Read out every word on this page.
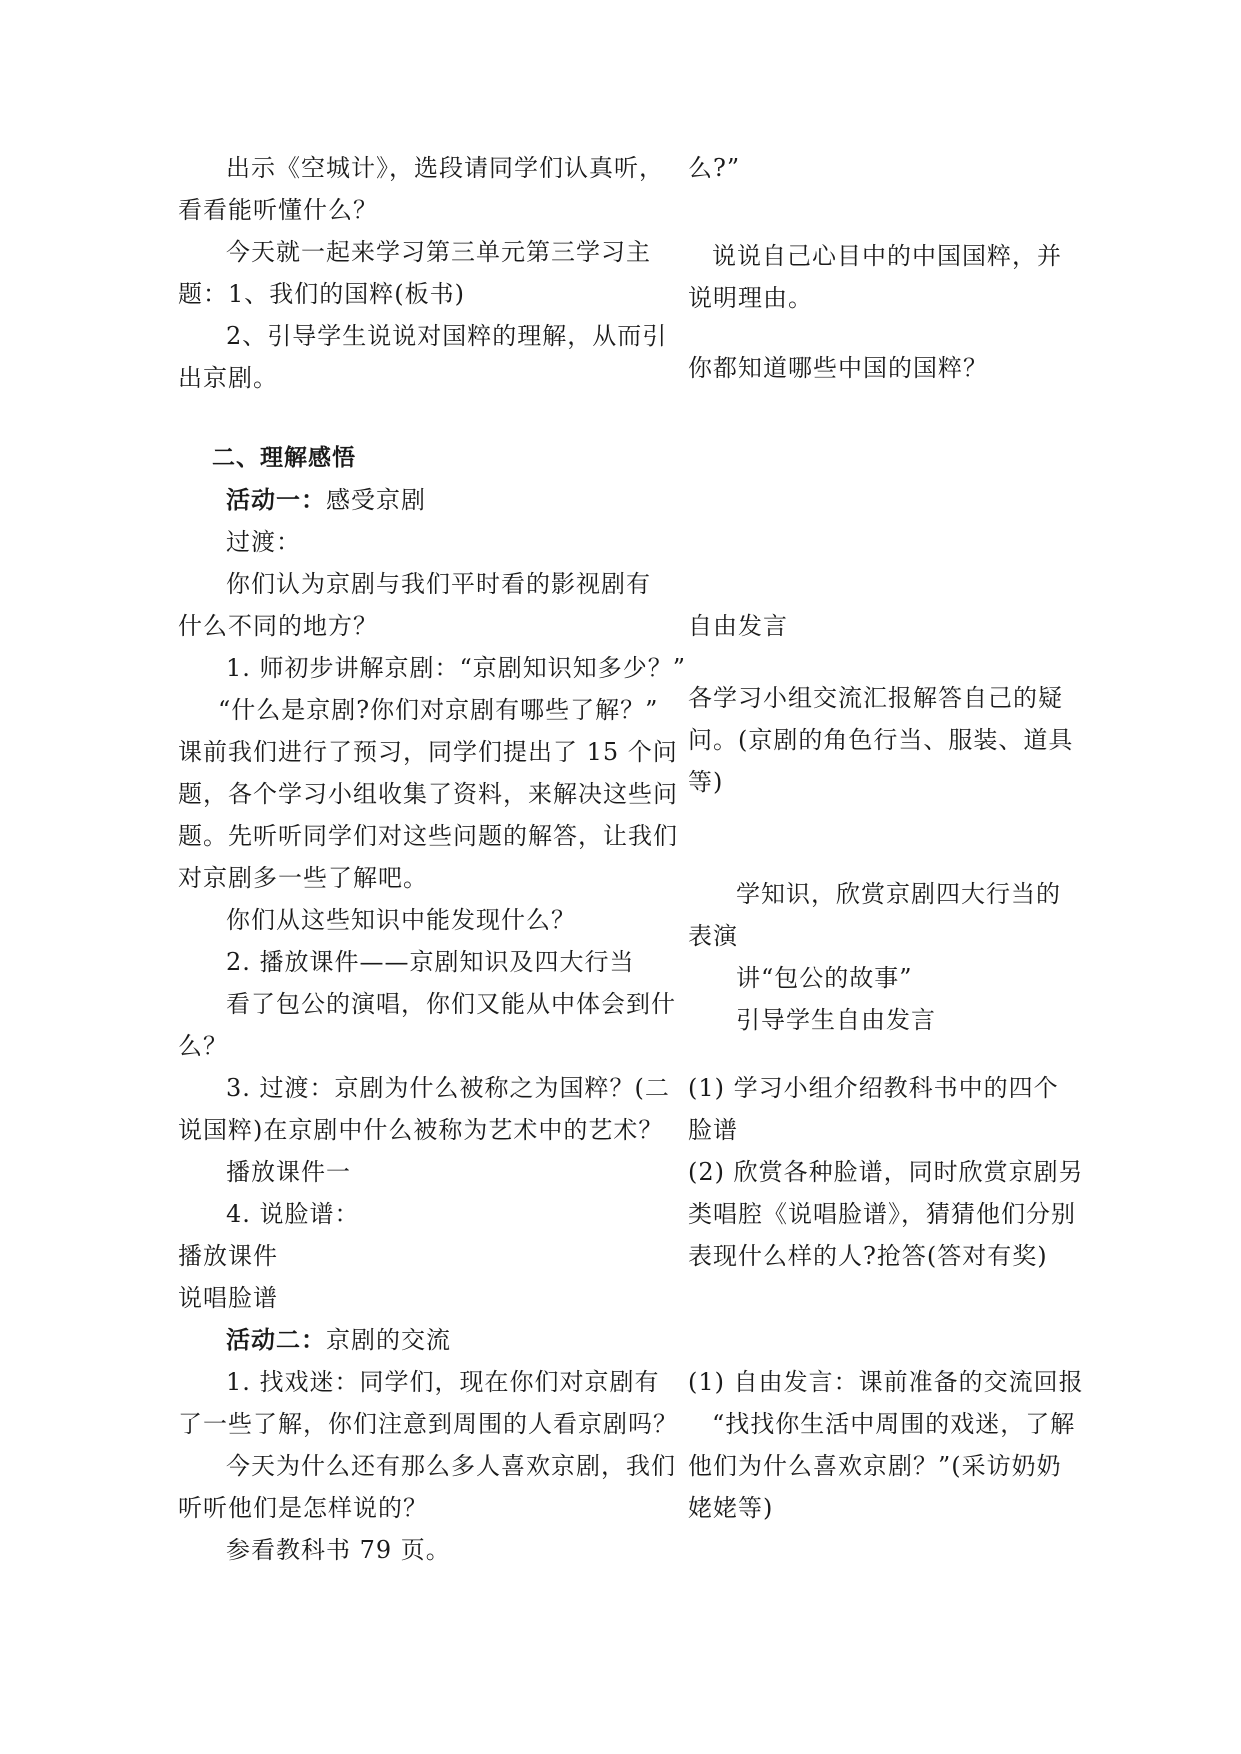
出示《空城计》，选段请同学们认真听，
看看能听懂什么？
今天就一起来学习第三单元第三学习主
题：1、我们的国粹(板书)
2、引导学生说说对国粹的理解，从而引
出京剧。
二、理解感悟
活动一：感受京剧
过渡：
你们认为京剧与我们平时看的影视剧有
什么不同的地方？
1. 师初步讲解京剧：“京剧知识知多少？”
“什么是京剧?你们对京剧有哪些了解？”
课前我们进行了预习，同学们提出了 15 个问
题，各个学习小组收集了资料，来解决这些问
题。先听听同学们对这些问题的解答，让我们
对京剧多一些了解吧。
你们从这些知识中能发现什么？
2. 播放课件——京剧知识及四大行当
看了包公的演唱，你们又能从中体会到什
么？
3. 过渡：京剧为什么被称之为国粹？(二
说国粹)在京剧中什么被称为艺术中的艺术？
播放课件一
4. 说脸谱：
播放课件
说唱脸谱
活动二：京剧的交流
1. 找戏迷：同学们，现在你们对京剧有
了一些了解，你们注意到周围的人看京剧吗？
今天为什么还有那么多人喜欢京剧，我们
听听他们是怎样说的？
参看教科书 79 页。
么?”
说说自己心目中的中国国粹，并
说明理由。
你都知道哪些中国的国粹？
自由发言
各学习小组交流汇报解答自己的疑
问。(京剧的角色行当、服装、道具
等)
学知识，欣赏京剧四大行当的
表演
讲“包公的故事”
引导学生自由发言
(1) 学习小组介绍教科书中的四个
脸谱
(2) 欣赏各种脸谱，同时欣赏京剧另
类唱腔《说唱脸谱》，猜猜他们分别
表现什么样的人?抢答(答对有奖)
(1) 自由发言：课前准备的交流回报
“找找你生活中周围的戏迷，了解
他们为什么喜欢京剧？”(采访奶奶
姥姥等)
